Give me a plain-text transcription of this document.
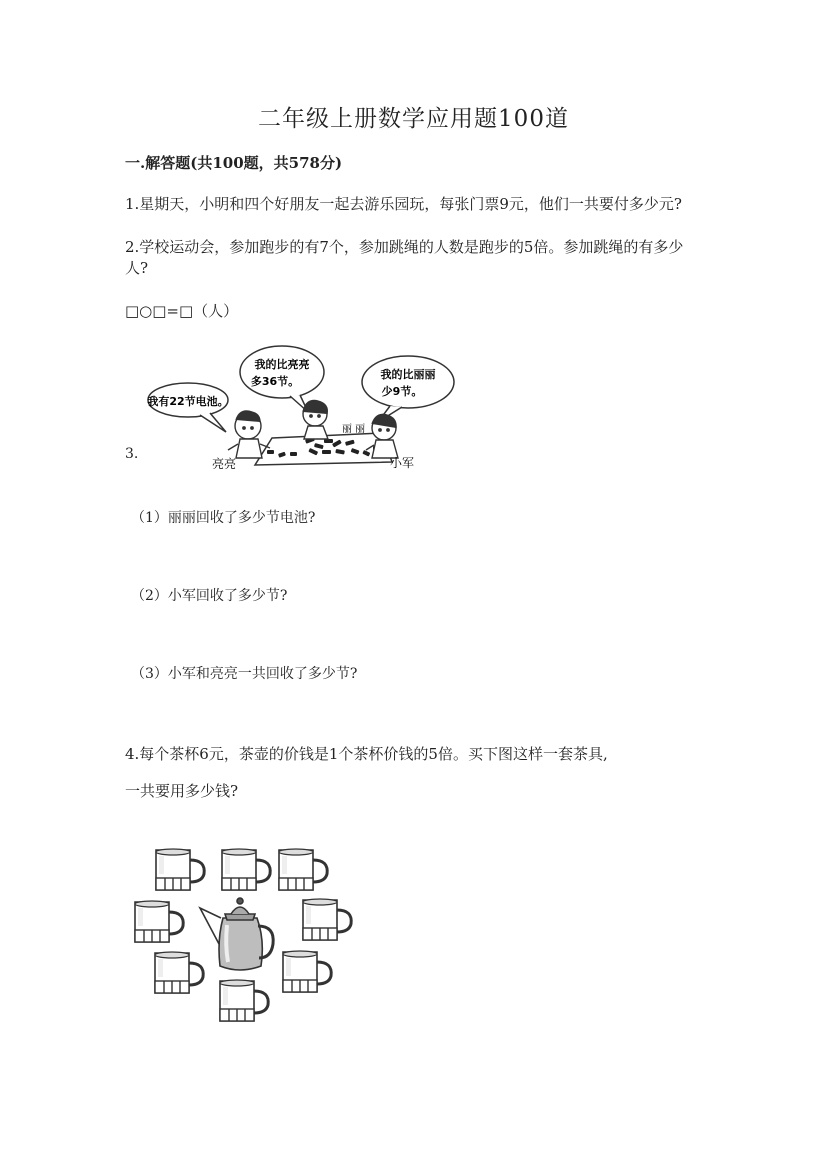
二年级上册数学应用题100道
一.解答题(共100题，共578分)
1.星期天，小明和四个好朋友一起去游乐园玩，每张门票9元，他们一共要付多少元?
2.学校运动会，参加跑步的有7个，参加跳绳的人数是跑步的5倍。参加跳绳的有多少人?
□○□=□（人）
3.
我有22节电池。
我的比亮亮
多36节。
我的比丽丽
少9节。
亮亮
丽 丽
小军
（1）丽丽回收了多少节电池?
（2）小军回收了多少节?
（3）小军和亮亮一共回收了多少节?
4.每个茶杯6元，茶壶的价钱是1个茶杯价钱的5倍。买下图这样一套茶具,
一共要用多少钱?
